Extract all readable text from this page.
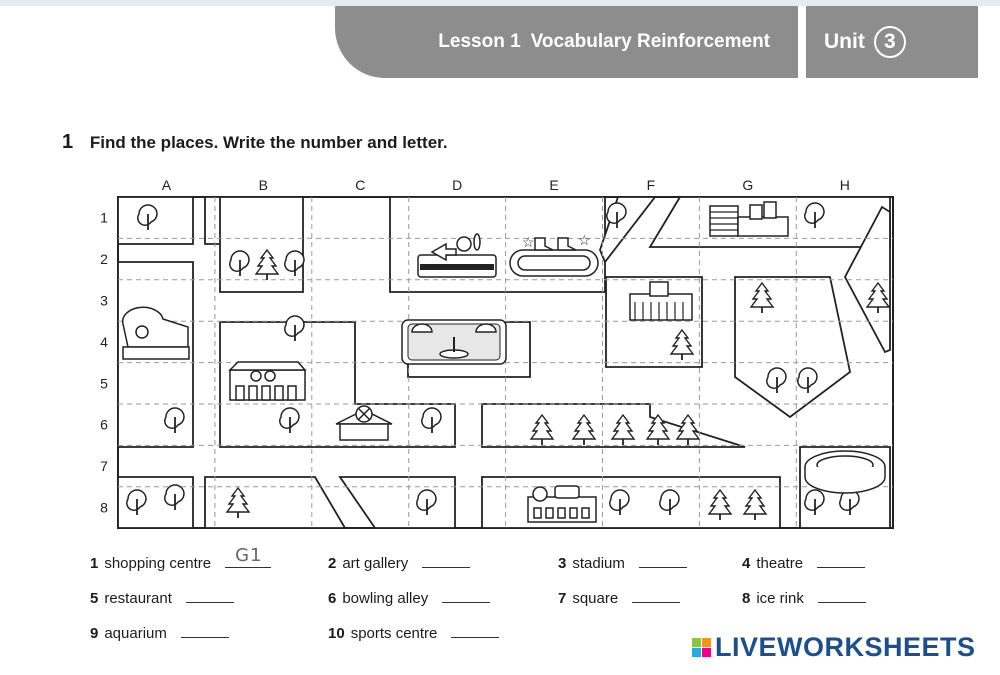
Lesson 1 Vocabulary Reinforcement	Unit 3
1 Find the places. Write the number and letter.
A	B	C	D	E	F	G	H
1
2
3
4
5
6
7
8
☆	☆
1 shopping centre G1	2 art gallery	3 stadium	4 theatre
5 restaurant	6 bowling alley	7 square	8 ice rink
9 aquarium	10 sports centre	LIVEWORKSHEETS
